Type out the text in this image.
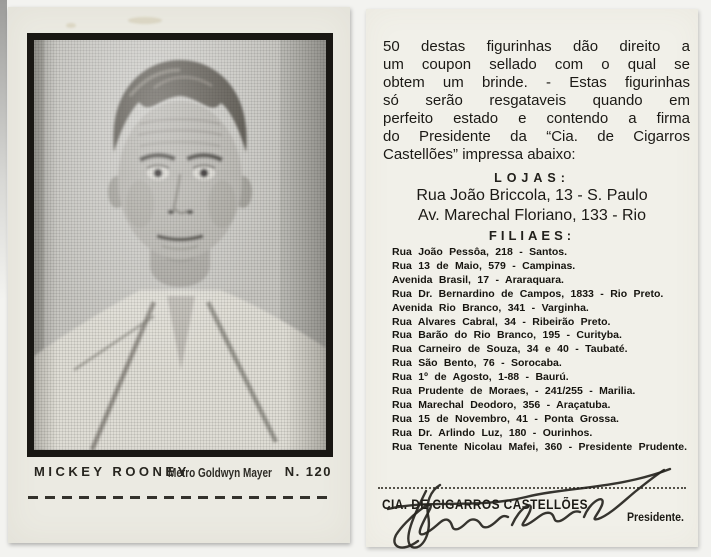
MICKEY ROONEY
Metro Goldwyn Mayer N. 120
50 destas figurinhas dão direito a
um coupon sellado com o qual se
obtem um brinde. - Estas figurinhas
só serão resgataveis quando em
perfeito estado e contendo a firma
do Presidente da “Cia. de Cigarros
Castellões” impressa abaixo:
LOJAS:
Rua João Briccola, 13 - S. Paulo
Av. Marechal Floriano, 133 - Rio
FILIAES:
Rua João Pessôa, 218 - Santos.
Rua 13 de Maio, 579 - Campinas.
Avenida Brasil, 17 - Araraquara.
Rua Dr. Bernardino de Campos, 1833 - Rio Preto.
Avenida Rio Branco, 341 - Varginha.
Rua Alvares Cabral, 34 - Ribeirão Preto.
Rua Barão do Rio Branco, 195 - Curityba.
Rua Carneiro de Souza, 34 e 40 - Taubaté.
Rua São Bento, 76 - Sorocaba.
Rua 1º de Agosto, 1-88 - Baurú.
Rua Prudente de Moraes, - 241/255 - Marilia.
Rua Marechal Deodoro, 356 - Araçatuba.
Rua 15 de Novembro, 41 - Ponta Grossa.
Rua Dr. Arlindo Luz, 180 - Ourinhos.
Rua Tenente Nicolau Mafei, 360 - Presidente Prudente.
CIA. DE CIGARROS CASTELLÕES
Presidente.
